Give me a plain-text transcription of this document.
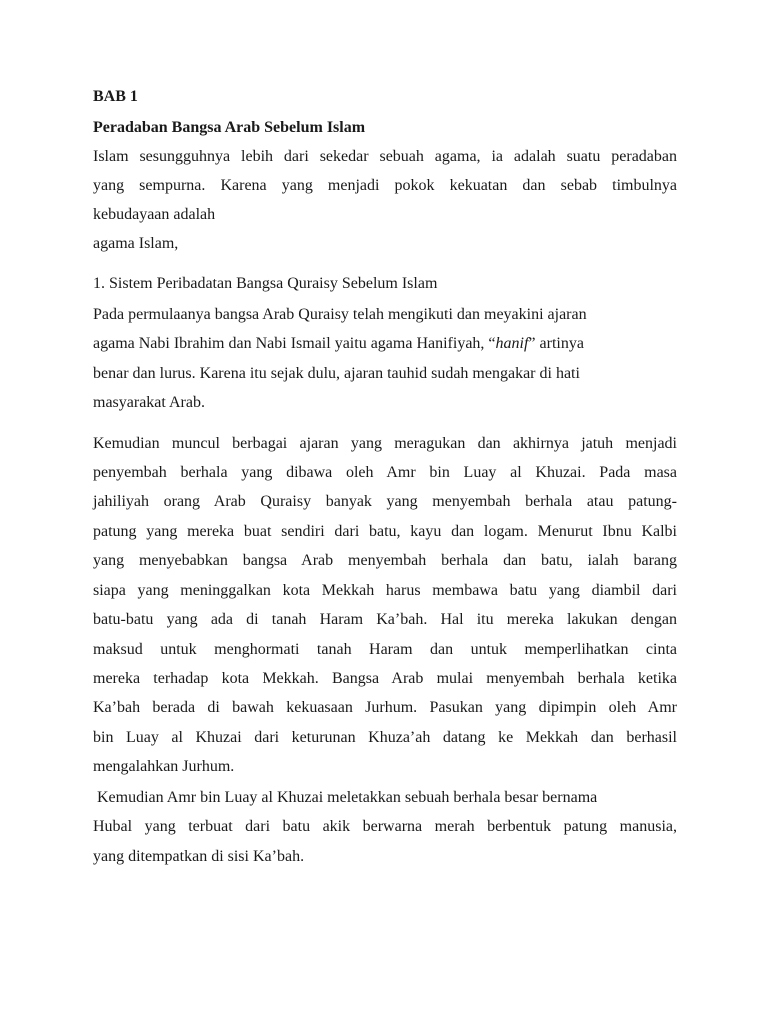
BAB 1
Peradaban Bangsa Arab Sebelum Islam
Islam sesungguhnya lebih dari sekedar sebuah agama, ia adalah suatu peradaban
yang sempurna. Karena yang menjadi pokok kekuatan dan sebab timbulnya
kebudayaan adalah
agama Islam,
1. Sistem Peribadatan Bangsa Quraisy Sebelum Islam
Pada permulaanya bangsa Arab Quraisy telah mengikuti dan meyakini ajaran
agama Nabi Ibrahim dan Nabi Ismail yaitu agama Hanifiyah, “hanif” artinya
benar dan lurus. Karena itu sejak dulu, ajaran tauhid sudah mengakar di hati
masyarakat Arab.
Kemudian muncul berbagai ajaran yang meragukan dan akhirnya jatuh menjadi
penyembah berhala yang dibawa oleh Amr bin Luay al Khuzai. Pada masa
jahiliyah orang Arab Quraisy banyak yang menyembah berhala atau patung-
patung yang mereka buat sendiri dari batu, kayu dan logam. Menurut Ibnu Kalbi
yang menyebabkan bangsa Arab menyembah berhala dan batu, ialah barang
siapa yang meninggalkan kota Mekkah harus membawa batu yang diambil dari
batu-batu yang ada di tanah Haram Ka’bah. Hal itu mereka lakukan dengan
maksud untuk menghormati tanah Haram dan untuk memperlihatkan cinta
mereka terhadap kota Mekkah. Bangsa Arab mulai menyembah berhala ketika
Ka’bah berada di bawah kekuasaan Jurhum. Pasukan yang dipimpin oleh Amr
bin Luay al Khuzai dari keturunan Khuza’ah datang ke Mekkah dan berhasil
mengalahkan Jurhum.
Kemudian Amr bin Luay al Khuzai meletakkan sebuah berhala besar bernama
Hubal yang terbuat dari batu akik berwarna merah berbentuk patung manusia,
yang ditempatkan di sisi Ka’bah.
